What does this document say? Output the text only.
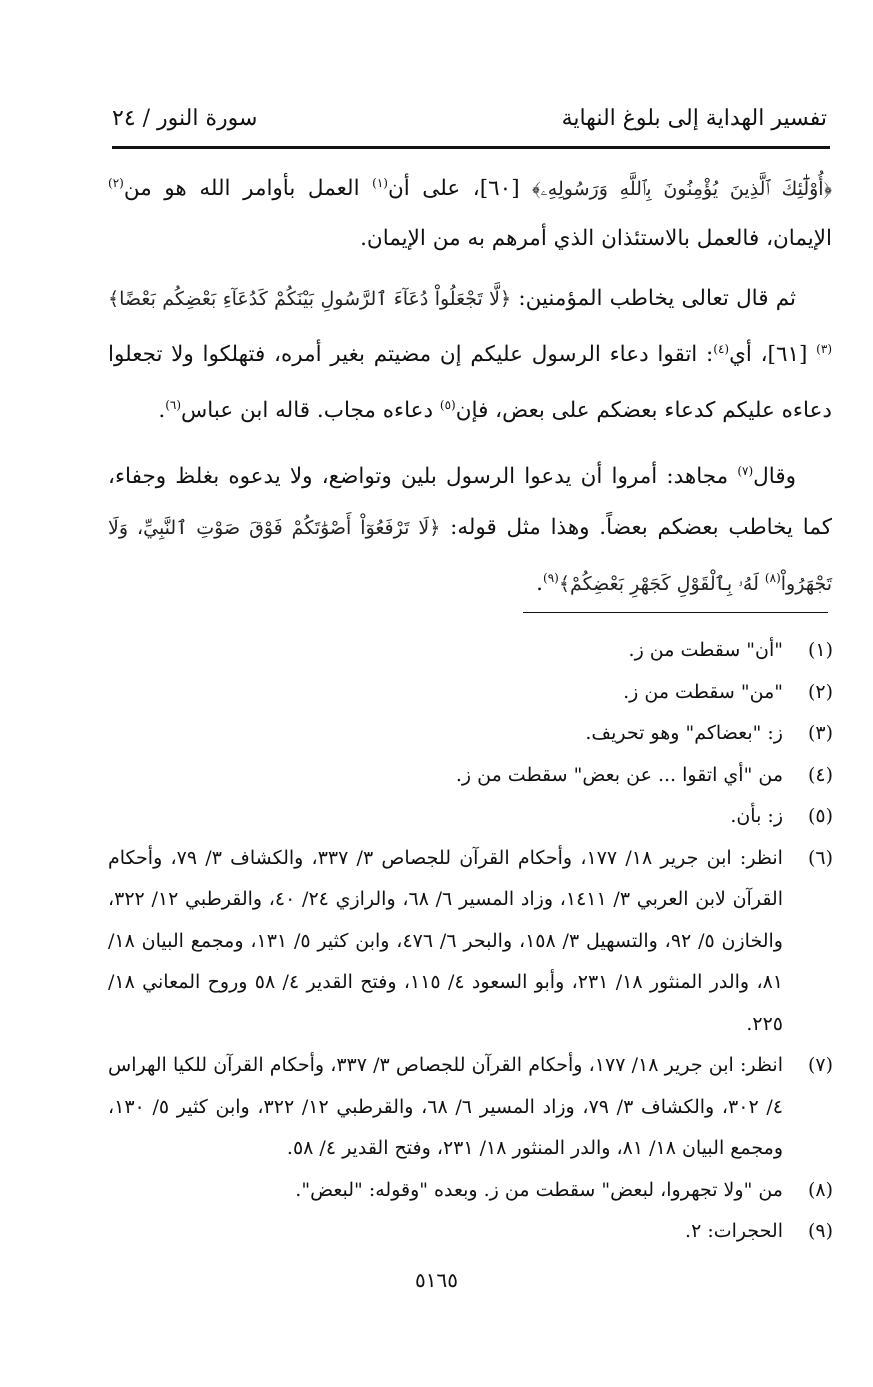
تفسير الهداية إلى بلوغ النهاية
سورة النور / ٢٤

﴿أُوْلَٰٓئِكَ ٱلَّذِينَ يُؤْمِنُونَ بِٱللَّهِ وَرَسُولِهِۦ﴾ [٦٠]، على أن$^{(١)}$ العمل بأوامر الله هو من$^{(٢)}$ الإيمان، فالعمل بالاستئذان الذي أمرهم به من الإيمان.

ثم قال تعالى يخاطب المؤمنين: ﴿لَّا تَجْعَلُواْ دُعَآءَ ٱلرَّسُولِ بَيْنَكُمْ كَدُعَآءِ بَعْضِكُم بَعْضًا﴾$^{(٣)}$ [٦١]، أي$^{(٤)}$: اتقوا دعاء الرسول عليكم إن مضيتم بغير أمره، فتهلكوا ولا تجعلوا دعاءه عليكم كدعاء بعضكم على بعض، فإن$^{(٥)}$ دعاءه مجاب. قاله ابن عباس$^{(٦)}$.

وقال$^{(٧)}$ مجاهد: أمروا أن يدعوا الرسول بلين وتواضع، ولا يدعوه بغلظ وجفاء، كما يخاطب بعضكم بعضاً. وهذا مثل قوله: ﴿لَا تَرْفَعُوٓاْ أَصْوَٰتَكُمْ فَوْقَ صَوْتِ ٱلنَّبِيِّ، وَلَا تَجْهَرُواْ$^{(٨)}$ لَهُۥ بِٱلْقَوْلِ كَجَهْرِ بَعْضِكُمْ﴾$^{(٩)}$.

(١)
"أن" سقطت من ز.
(٢)
"من" سقطت من ز.
(٣)
ز: "بعضاكم" وهو تحريف.
(٤)
من "أي اتقوا ... عن بعض" سقطت من ز.
(٥)
ز: بأن.
(٦)
انظر: ابن جرير ١٨/ ١٧٧، وأحكام القرآن للجصاص ٣/ ٣٣٧، والكشاف ٣/ ٧٩، وأحكام القرآن لابن العربي ٣/ ١٤١١، وزاد المسير ٦/ ٦٨، والرازي ٢٤/ ٤٠، والقرطبي ١٢/ ٣٢٢، والخازن ٥/ ٩٢، والتسهيل ٣/ ١٥٨، والبحر ٦/ ٤٧٦، وابن كثير ٥/ ١٣١، ومجمع البيان ١٨/ ٨١، والدر المنثور ١٨/ ٢٣١، وأبو السعود ٤/ ١١٥، وفتح القدير ٤/ ٥٨ وروح المعاني ١٨/ ٢٢٥.
(٧)
انظر: ابن جرير ١٨/ ١٧٧، وأحكام القرآن للجصاص ٣/ ٣٣٧، وأحكام القرآن للكيا الهراس ٤/ ٣٠٢، والكشاف ٣/ ٧٩، وزاد المسير ٦/ ٦٨، والقرطبي ١٢/ ٣٢٢، وابن كثير ٥/ ١٣٠، ومجمع البيان ١٨/ ٨١، والدر المنثور ١٨/ ٢٣١، وفتح القدير ٤/ ٥٨.
(٨)
من "ولا تجهروا، لبعض" سقطت من ز. وبعده "وقوله: "لبعض".
(٩)
الحجرات: ٢.
٥١٦٥
